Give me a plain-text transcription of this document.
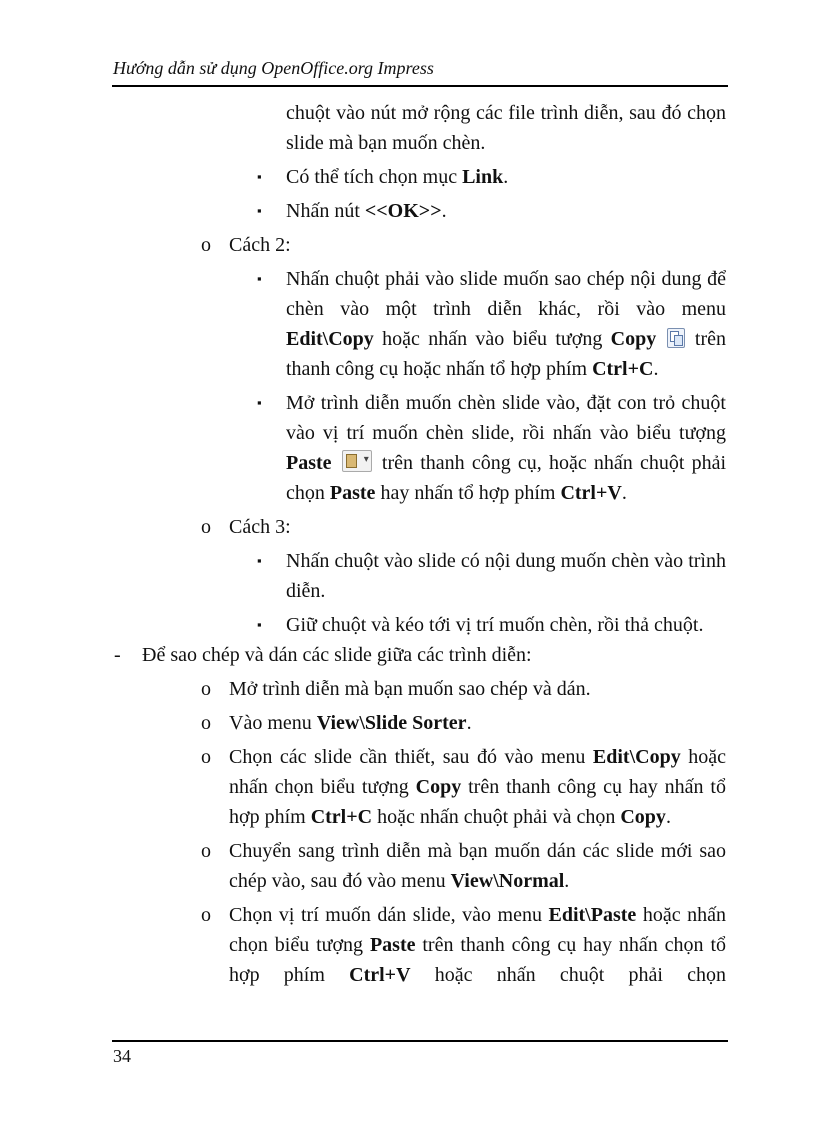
Hướng dẫn sử dụng OpenOffice.org Impress
chuột vào nút mở rộng các file trình diễn, sau đó chọn slide mà bạn muốn chèn.
▪ Có thể tích chọn mục Link.
▪ Nhấn nút <<OK>>.
o Cách 2:
▪ Nhấn chuột phải vào slide muốn sao chép nội dung để chèn vào một trình diễn khác, rồi vào menu Edit\Copy hoặc nhấn vào biểu tượng Copy  trên thanh công cụ hoặc nhấn tổ hợp phím Ctrl+C.
▪ Mở trình diễn muốn chèn slide vào, đặt con trỏ chuột vào vị trí muốn chèn slide, rồi nhấn vào biểu tượng Paste ▾ trên thanh công cụ, hoặc nhấn chuột phải chọn Paste hay nhấn tổ hợp phím Ctrl+V.
o Cách 3:
▪ Nhấn chuột vào slide có nội dung muốn chèn vào trình diễn.
▪ Giữ chuột và kéo tới vị trí muốn chèn, rồi thả chuột.
- Để sao chép và dán các slide giữa các trình diễn:
o Mở trình diễn mà bạn muốn sao chép và dán.
o Vào menu View\Slide Sorter.
o Chọn các slide cần thiết, sau đó vào menu Edit\Copy hoặc nhấn chọn biểu tượng Copy trên thanh công cụ hay nhấn tổ hợp phím Ctrl+C hoặc nhấn chuột phải và chọn Copy.
o Chuyển sang trình diễn mà bạn muốn dán các slide mới sao chép vào, sau đó vào menu View\Normal.
o Chọn vị trí muốn dán slide, vào menu Edit\Paste hoặc nhấn chọn biểu tượng Paste trên thanh công cụ hay nhấn chọn tổ hợp phím Ctrl+V hoặc nhấn chuột phải chọn
34
